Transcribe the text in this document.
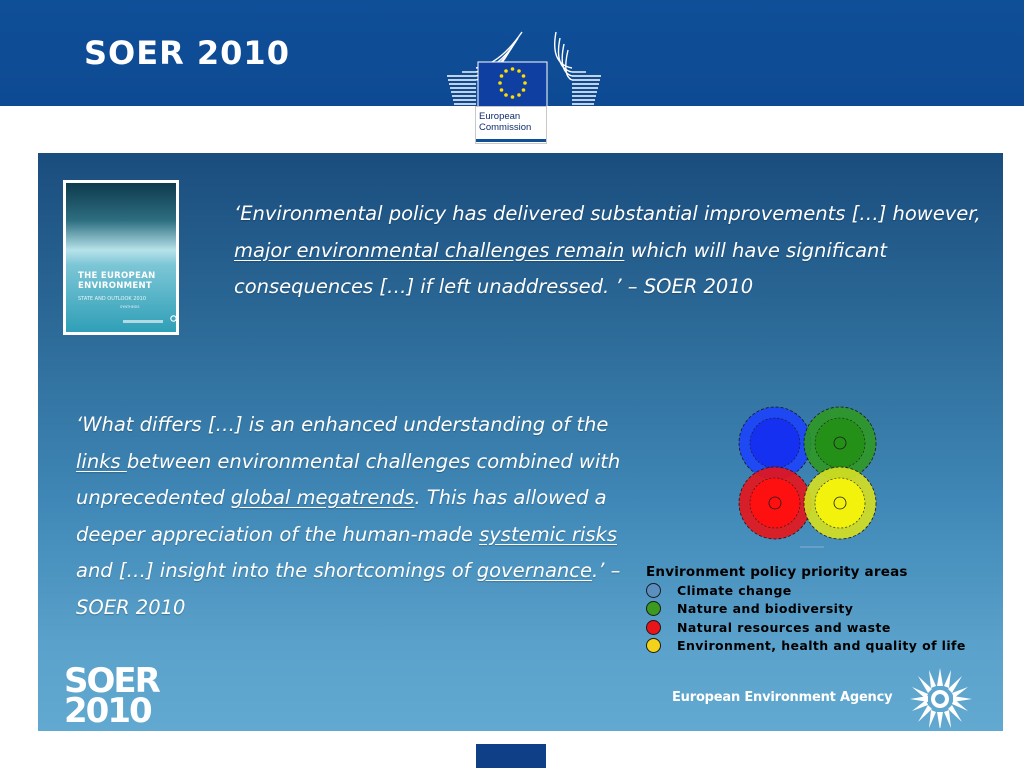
SOER 2010
European
Commission
THE EUROPEAN
ENVIRONMENT
STATE AND OUTLOOK 2010
SYNTHESIS
‘Environmental policy has delivered substantial improvements […] however, major environmental challenges remain which will have significant consequences […] if left unaddressed. ’ – SOER 2010
‘What differs […] is an enhanced understanding of the links between environmental challenges combined with unprecedented global megatrends. This has allowed a deeper appreciation of the human-made systemic risks and […] insight into the shortcomings of governance.’ – SOER 2010
Environment policy priority areas
Climate change
Nature and biodiversity
Natural resources and waste
Environment, health and quality of life
SOER
2010	European Environment Agency
